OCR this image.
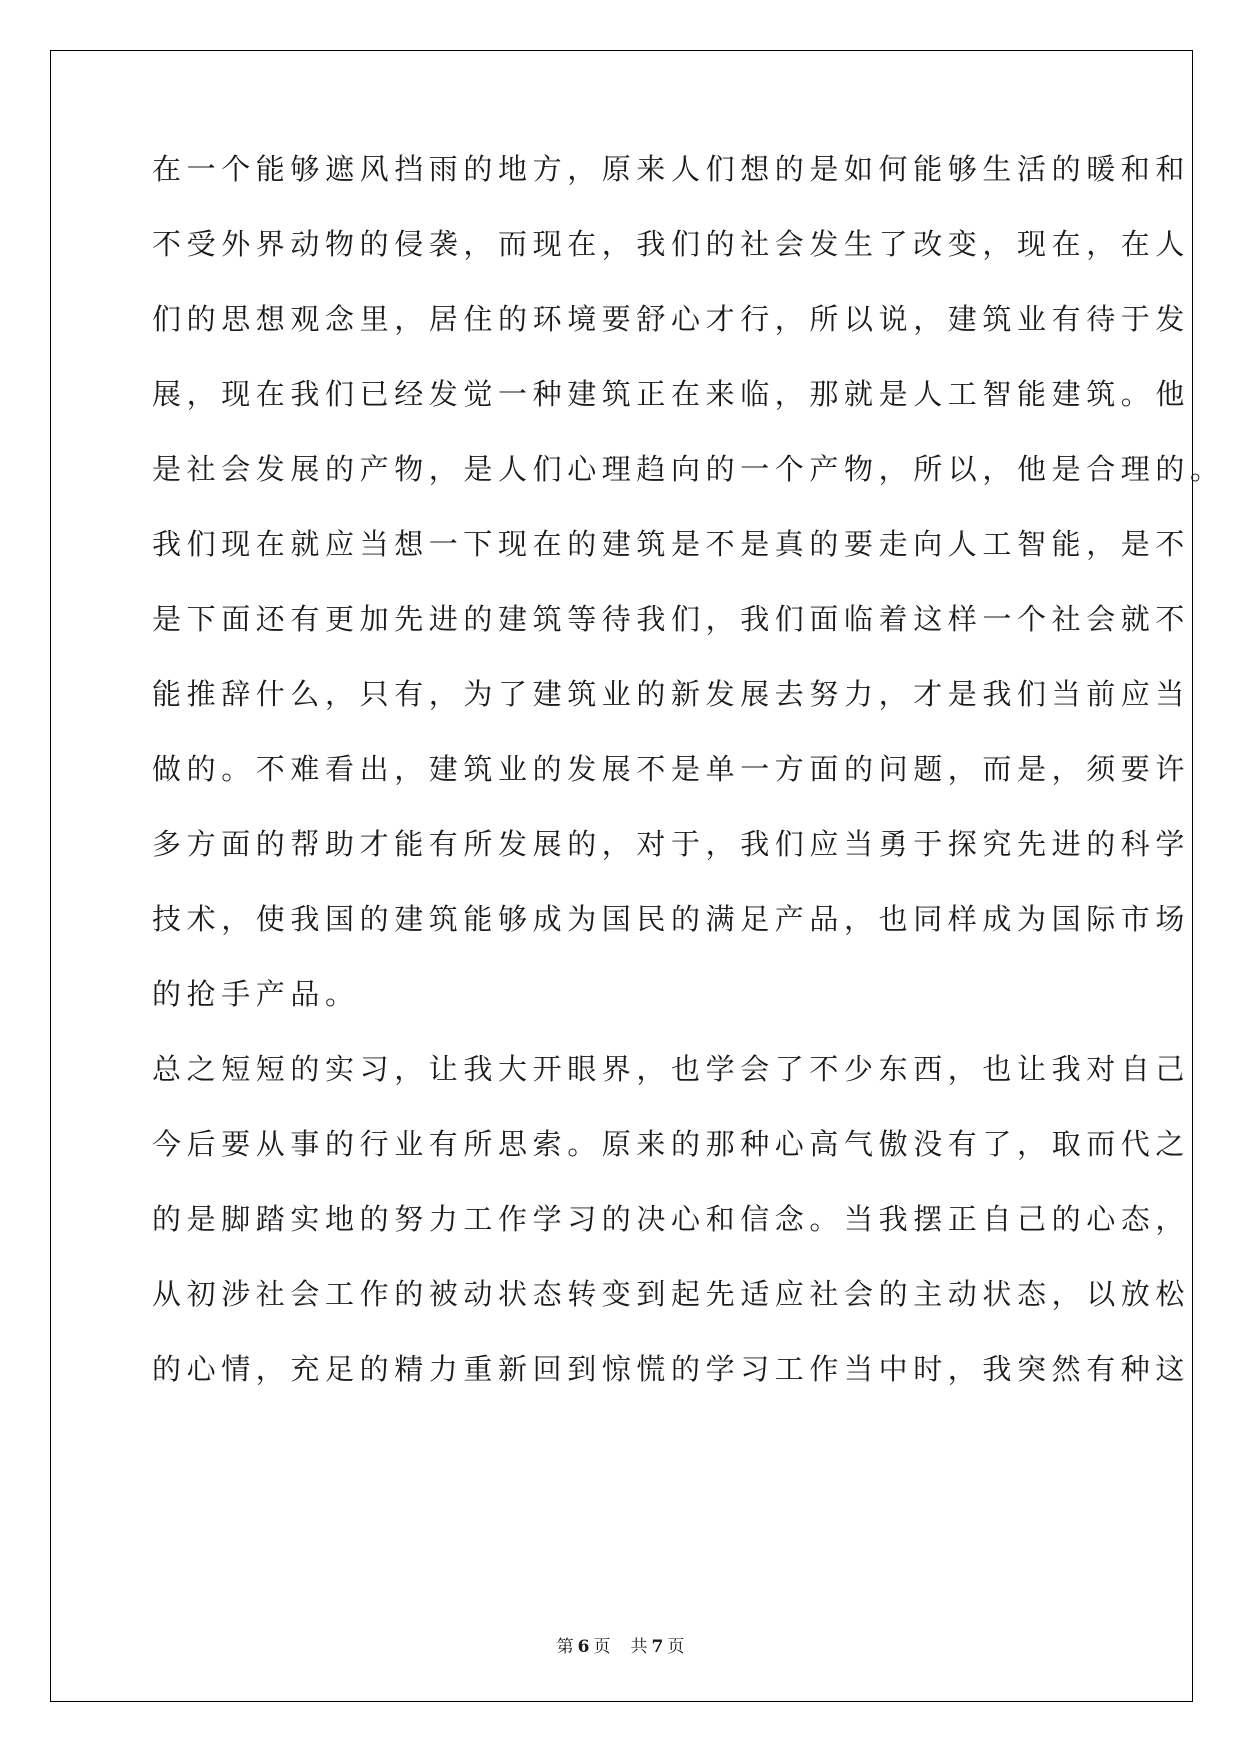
在一个能够遮风挡雨的地方，原来人们想的是如何能够生活的暖和和

不受外界动物的侵袭，而现在，我们的社会发生了改变，现在，在人

们的思想观念里，居住的环境要舒心才行，所以说，建筑业有待于发

展，现在我们已经发觉一种建筑正在来临，那就是人工智能建筑。他

是社会发展的产物，是人们心理趋向的一个产物，所以，他是合理的。

我们现在就应当想一下现在的建筑是不是真的要走向人工智能，是不

是下面还有更加先进的建筑等待我们，我们面临着这样一个社会就不

能推辞什么，只有，为了建筑业的新发展去努力，才是我们当前应当

做的。不难看出，建筑业的发展不是单一方面的问题，而是，须要许

多方面的帮助才能有所发展的，对于，我们应当勇于探究先进的科学

技术，使我国的建筑能够成为国民的满足产品，也同样成为国际市场

的抢手产品。

总之短短的实习，让我大开眼界，也学会了不少东西，也让我对自己

今后要从事的行业有所思索。原来的那种心高气傲没有了，取而代之

的是脚踏实地的努力工作学习的决心和信念。当我摆正自己的心态，

从初涉社会工作的被动状态转变到起先适应社会的主动状态，以放松

的心情，充足的精力重新回到惊慌的学习工作当中时，我突然有种这

第 6 页 共 7 页
